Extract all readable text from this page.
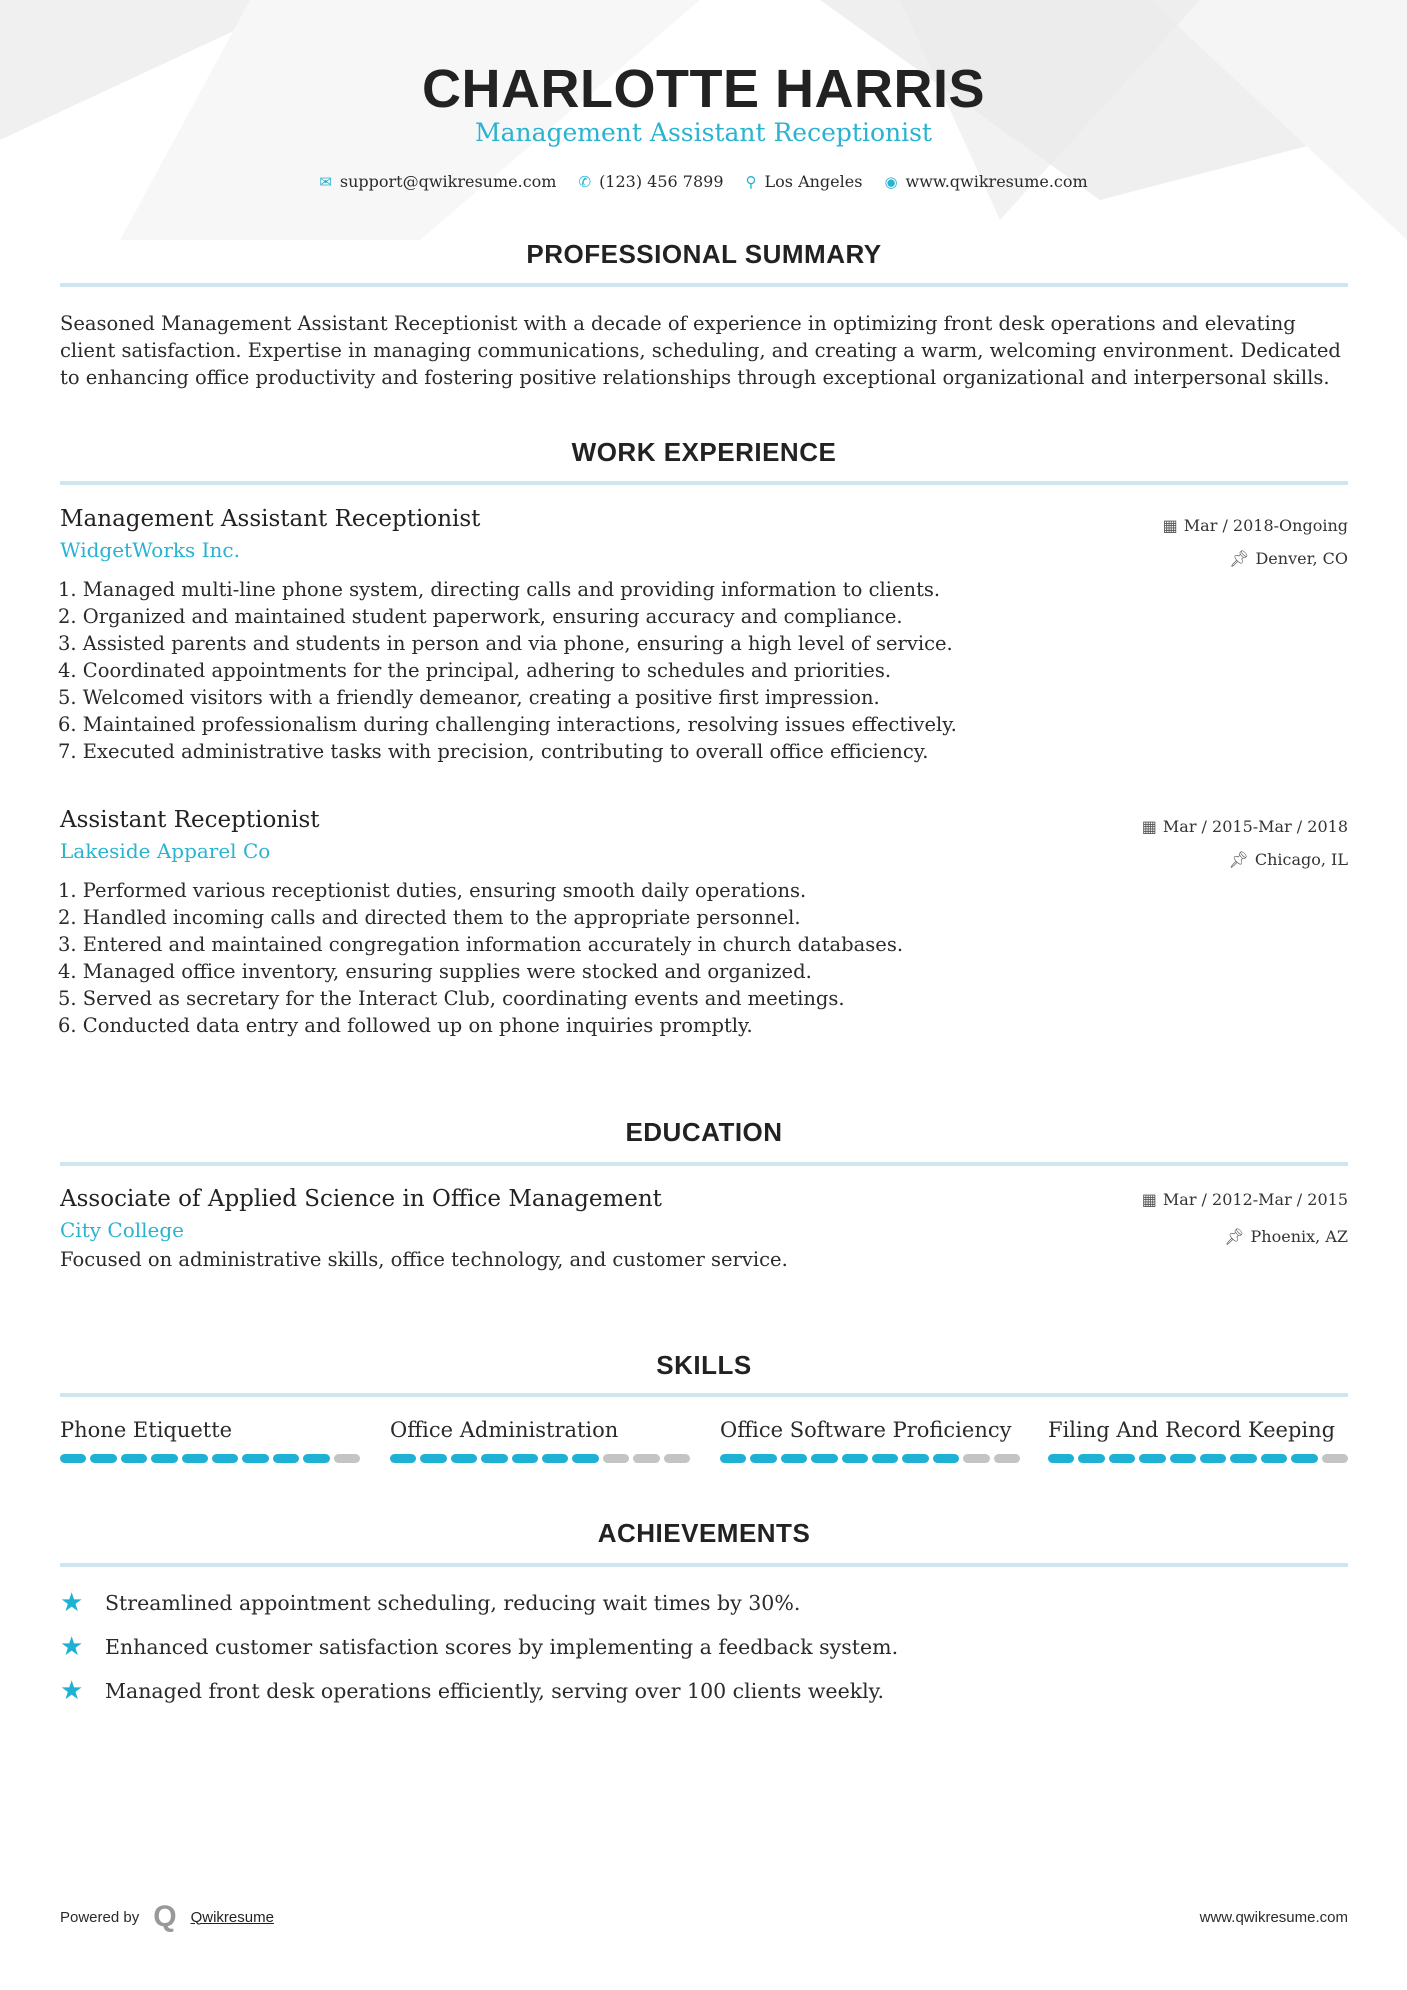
CHARLOTTE HARRIS
Management Assistant Receptionist
✉ support@qwikresume.com ✆ (123) 456 7899 ⚲ Los Angeles ◉ www.qwikresume.com
PROFESSIONAL SUMMARY
Seasoned Management Assistant Receptionist with a decade of experience in optimizing front desk operations and elevating client satisfaction. Expertise in managing communications, scheduling, and creating a warm, welcoming environment. Dedicated to enhancing office productivity and fostering positive relationships through exceptional organizational and interpersonal skills.
WORK EXPERIENCE
Management Assistant Receptionist
WidgetWorks Inc.
▦ Mar / 2018-Ongoing
📌︎ Denver, CO
1. Managed multi-line phone system, directing calls and providing information to clients.
2. Organized and maintained student paperwork, ensuring accuracy and compliance.
3. Assisted parents and students in person and via phone, ensuring a high level of service.
4. Coordinated appointments for the principal, adhering to schedules and priorities.
5. Welcomed visitors with a friendly demeanor, creating a positive first impression.
6. Maintained professionalism during challenging interactions, resolving issues effectively.
7. Executed administrative tasks with precision, contributing to overall office efficiency.
Assistant Receptionist
Lakeside Apparel Co
▦ Mar / 2015-Mar / 2018
📌︎ Chicago, IL
1. Performed various receptionist duties, ensuring smooth daily operations.
2. Handled incoming calls and directed them to the appropriate personnel.
3. Entered and maintained congregation information accurately in church databases.
4. Managed office inventory, ensuring supplies were stocked and organized.
5. Served as secretary for the Interact Club, coordinating events and meetings.
6. Conducted data entry and followed up on phone inquiries promptly.
EDUCATION
Associate of Applied Science in Office Management
City College
Focused on administrative skills, office technology, and customer service.
▦ Mar / 2012-Mar / 2015
📌︎ Phoenix, AZ
SKILLS
Phone Etiquette	Office Administration	Office Software Proficiency	Filing And Record Keeping
ACHIEVEMENTS
★	Streamlined appointment scheduling, reducing wait times by 30%.
★	Enhanced customer satisfaction scores by implementing a feedback system.
★	Managed front desk operations efficiently, serving over 100 clients weekly.
Powered by Q Qwikresume	www.qwikresume.com
